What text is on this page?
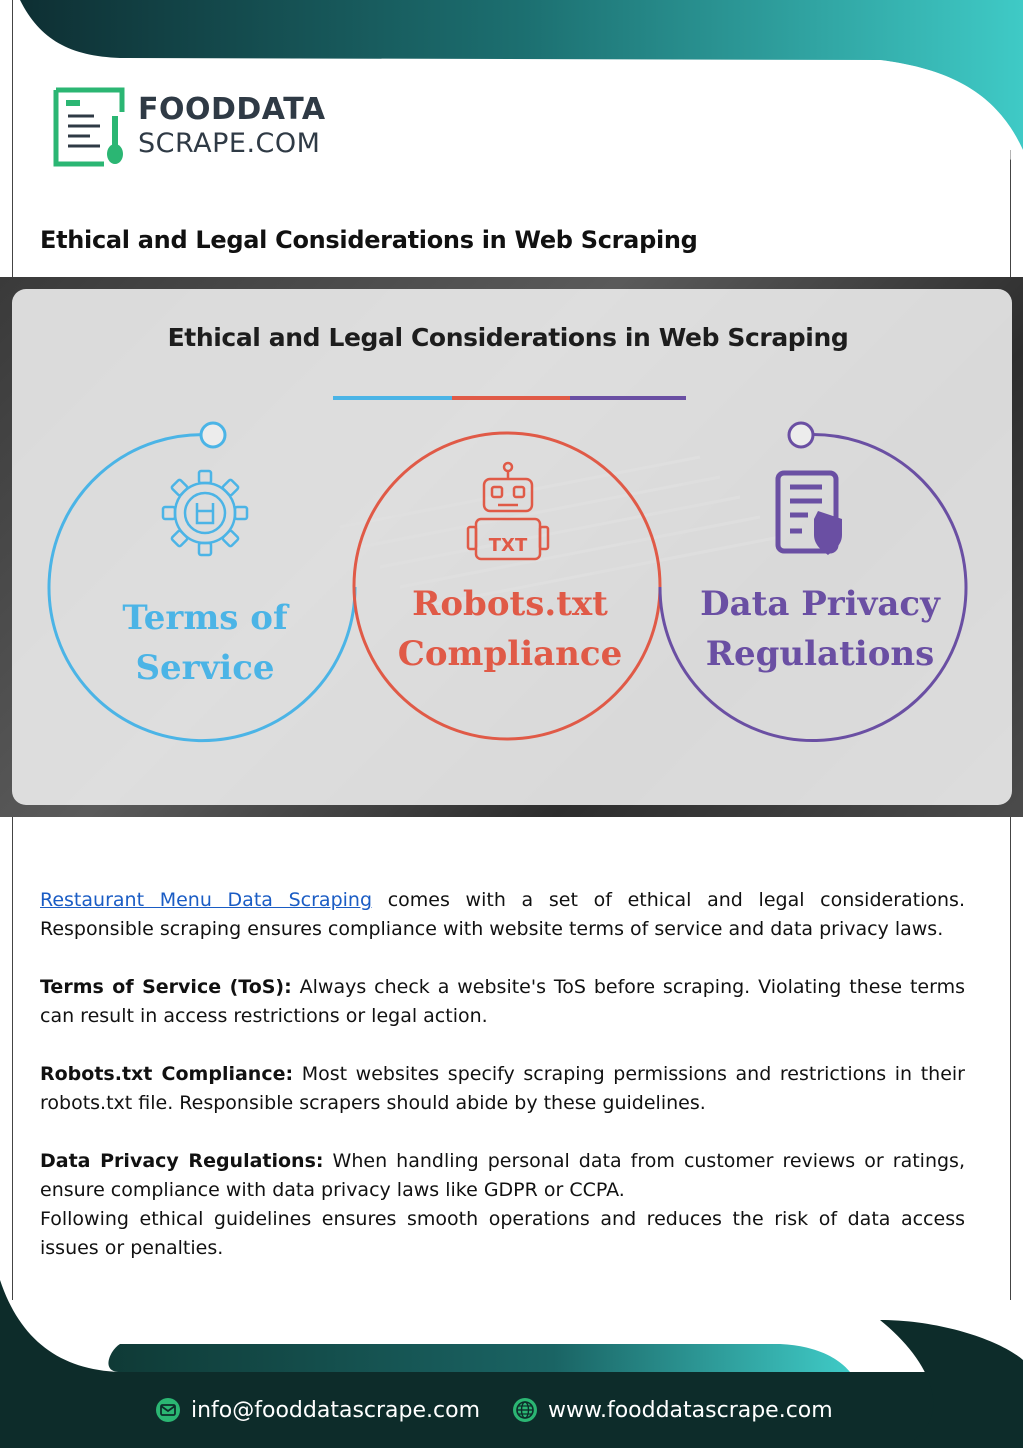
FOODDATA
SCRAPE.COM
Ethical and Legal Considerations in Web Scraping
TXT
Ethical and Legal Considerations in Web Scraping
Terms of
Service
Robots.txt
Compliance
Data Privacy
Regulations

Restaurant Menu Data Scraping comes with a set of ethical and legal considerations. Responsible scraping ensures compliance with website terms of service and data privacy laws.

Terms of Service (ToS): Always check a website's ToS before scraping. Violating these terms can result in access restrictions or legal action.

Robots.txt Compliance: Most websites specify scraping permissions and restrictions in their robots.txt file. Responsible scrapers should abide by these guidelines.

Data Privacy Regulations: When handling personal data from customer reviews or ratings, ensure compliance with data privacy laws like GDPR or CCPA.

Following ethical guidelines ensures smooth operations and reduces the risk of data access issues or penalties.

info@fooddatascrape.com	www.fooddatascrape.com
